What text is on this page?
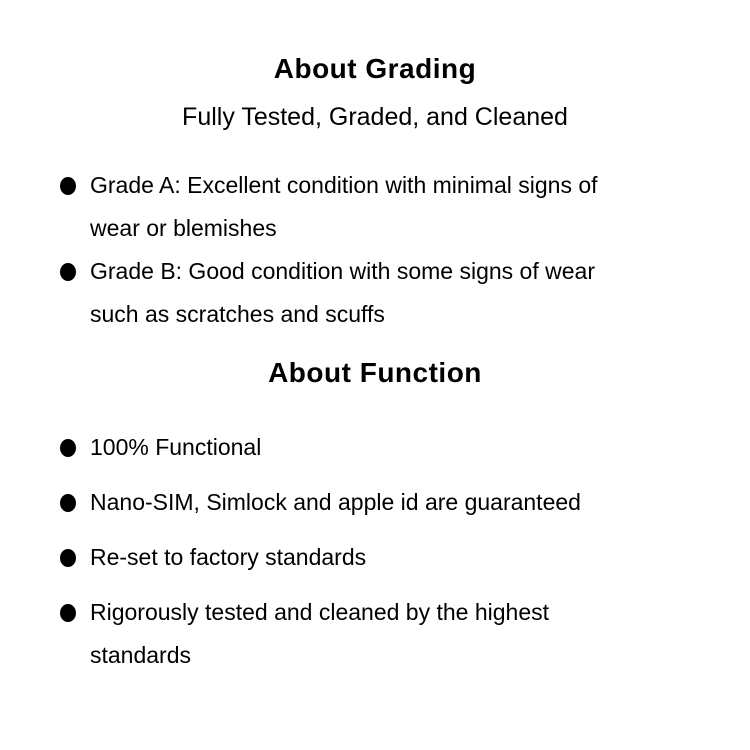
About Grading

Fully Tested, Graded, and Cleaned

Grade A: Excellent condition with minimal signs of
wear or blemishes
Grade B: Good condition with some signs of wear
such as scratches and scuffs
About Function
100% Functional
Nano-SIM, Simlock and apple id are guaranteed
Re-set to factory standards
Rigorously tested and cleaned by the highest
standards
